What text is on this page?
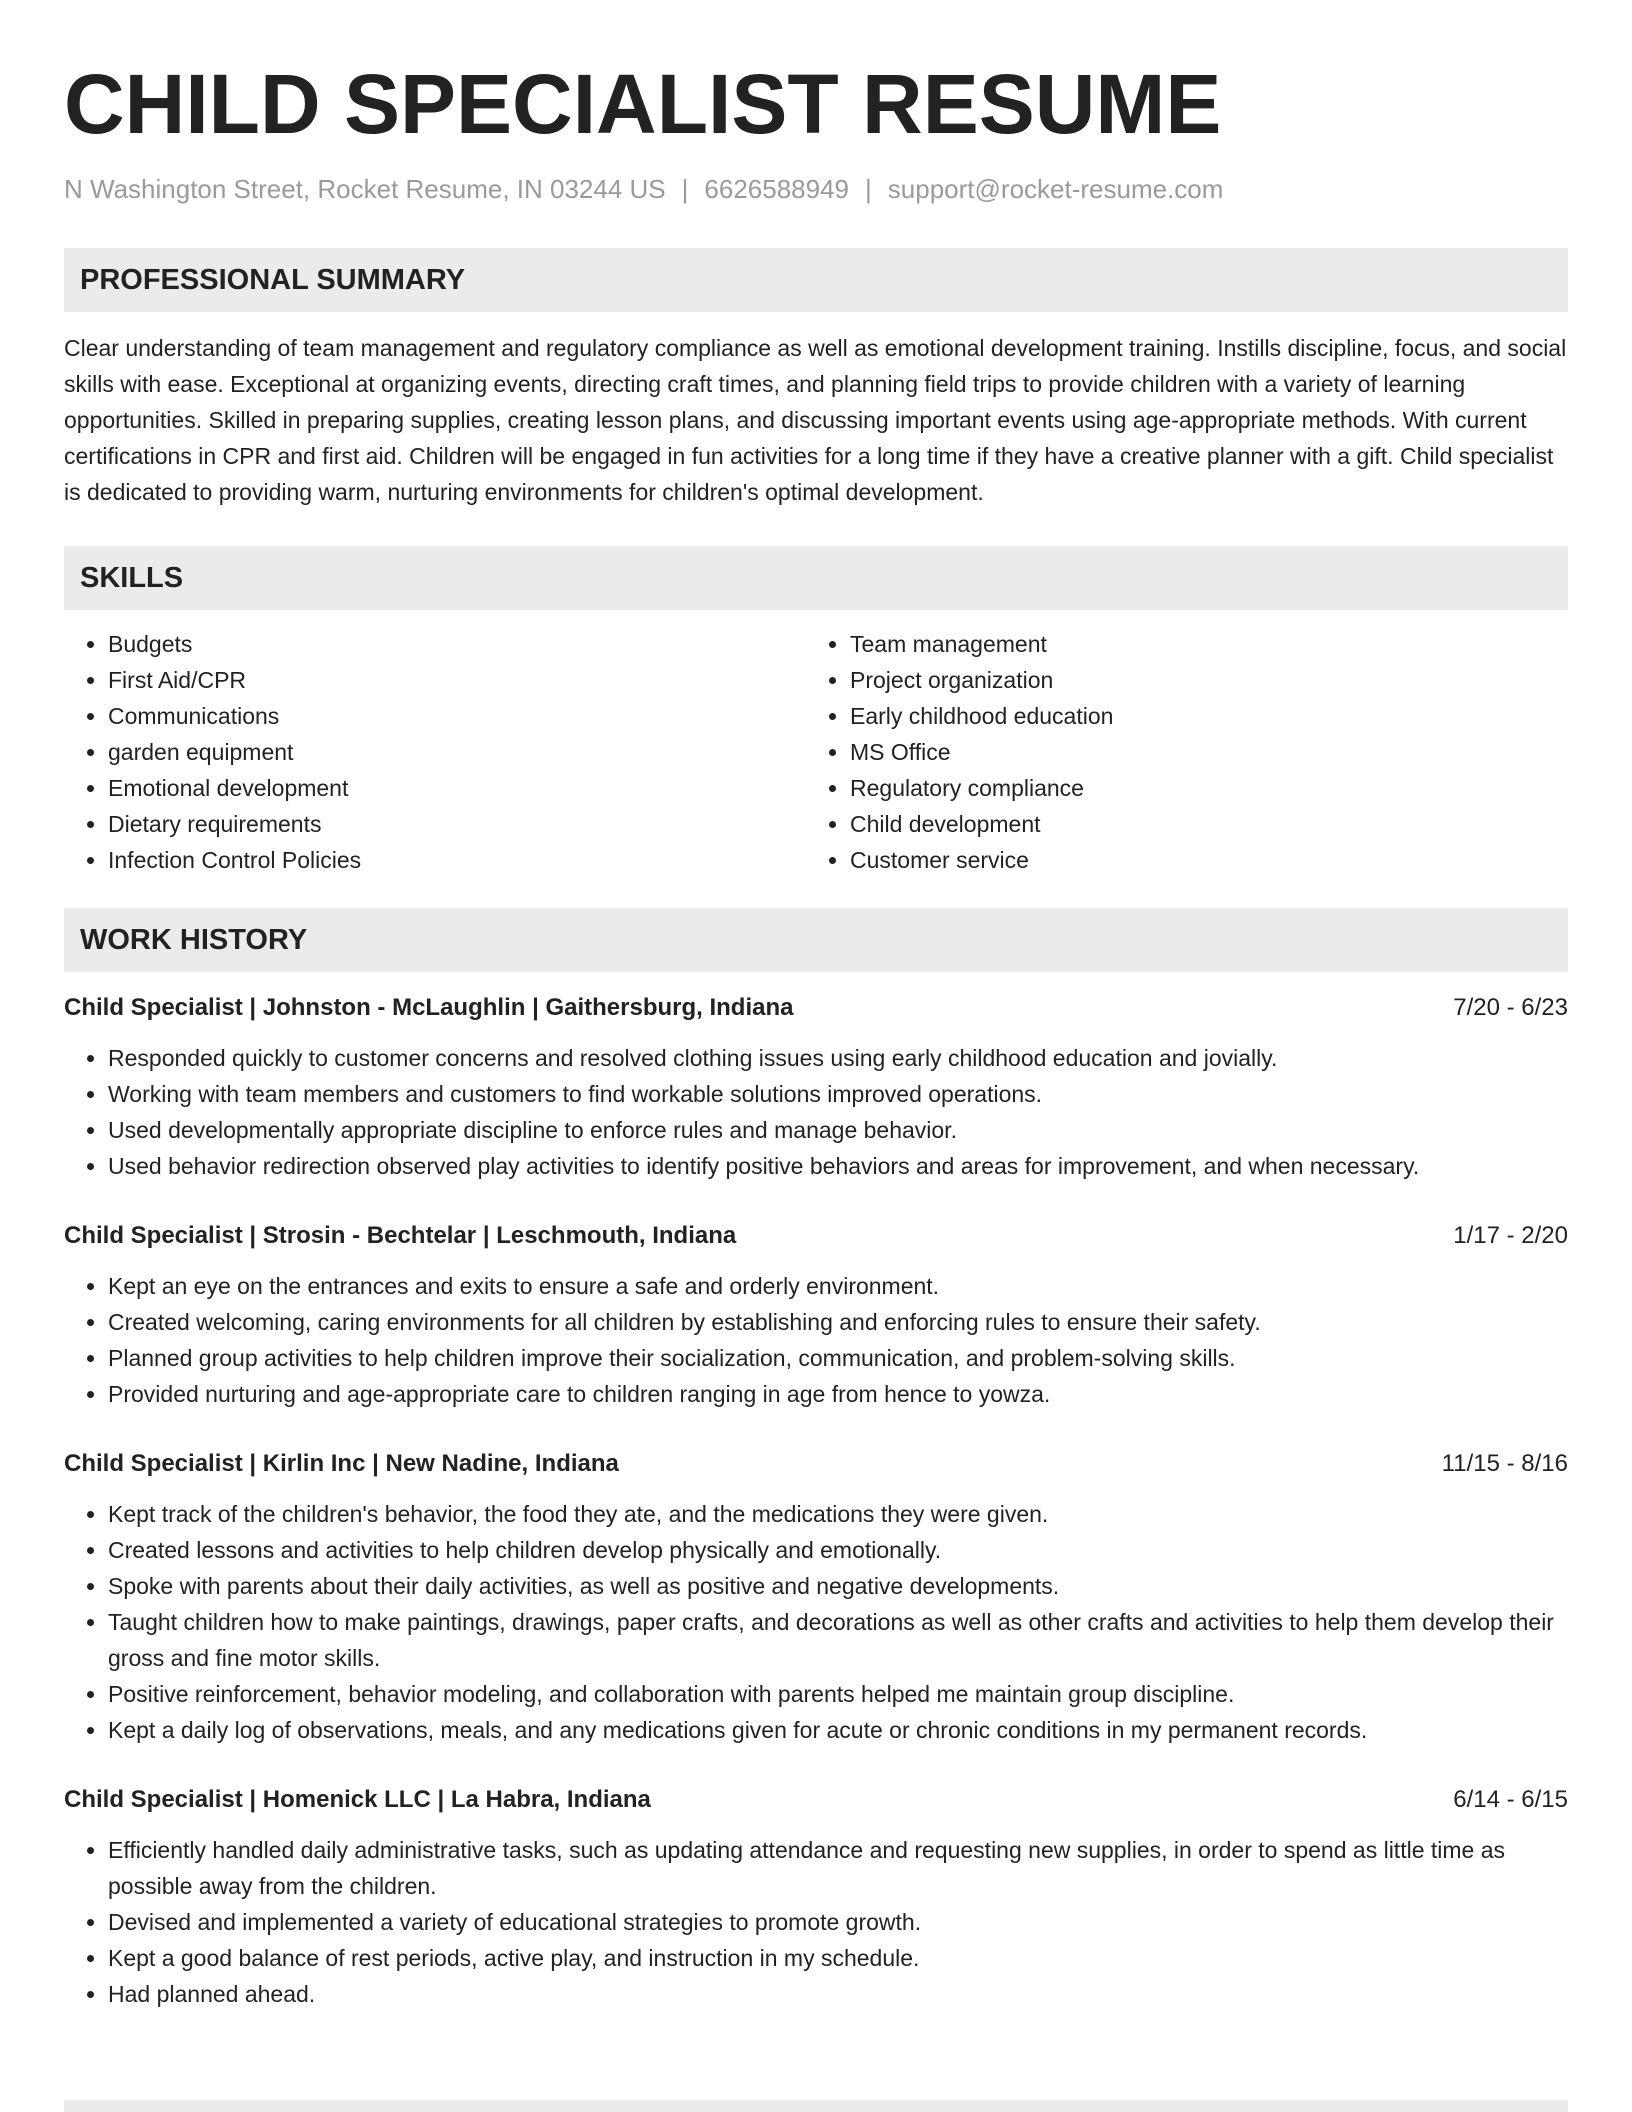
CHILD SPECIALIST RESUME
N Washington Street, Rocket Resume, IN 03244 US | 6626588949 | support@rocket-resume.com
PROFESSIONAL SUMMARY
Clear understanding of team management and regulatory compliance as well as emotional development training. Instills discipline, focus, and social skills with ease. Exceptional at organizing events, directing craft times, and planning field trips to provide children with a variety of learning opportunities. Skilled in preparing supplies, creating lesson plans, and discussing important events using age-appropriate methods. With current certifications in CPR and first aid. Children will be engaged in fun activities for a long time if they have a creative planner with a gift. Child specialist is dedicated to providing warm, nurturing environments for children's optimal development.
SKILLS
• Budgets
• First Aid/CPR
• Communications
• garden equipment
• Emotional development
• Dietary requirements
• Infection Control Policies
• Team management
• Project organization
• Early childhood education
• MS Office
• Regulatory compliance
• Child development
• Customer service
WORK HISTORY
Child Specialist | Johnston - McLaughlin | Gaithersburg, Indiana	7/20 - 6/23
• Responded quickly to customer concerns and resolved clothing issues using early childhood education and jovially.
• Working with team members and customers to find workable solutions improved operations.
• Used developmentally appropriate discipline to enforce rules and manage behavior.
• Used behavior redirection observed play activities to identify positive behaviors and areas for improvement, and when necessary.
Child Specialist | Strosin - Bechtelar | Leschmouth, Indiana	1/17 - 2/20
• Kept an eye on the entrances and exits to ensure a safe and orderly environment.
• Created welcoming, caring environments for all children by establishing and enforcing rules to ensure their safety.
• Planned group activities to help children improve their socialization, communication, and problem-solving skills.
• Provided nurturing and age-appropriate care to children ranging in age from hence to yowza.
Child Specialist | Kirlin Inc | New Nadine, Indiana	11/15 - 8/16
• Kept track of the children's behavior, the food they ate, and the medications they were given.
• Created lessons and activities to help children develop physically and emotionally.
• Spoke with parents about their daily activities, as well as positive and negative developments.
• Taught children how to make paintings, drawings, paper crafts, and decorations as well as other crafts and activities to help them develop their gross and fine motor skills.
• Positive reinforcement, behavior modeling, and collaboration with parents helped me maintain group discipline.
• Kept a daily log of observations, meals, and any medications given for acute or chronic conditions in my permanent records.
Child Specialist | Homenick LLC | La Habra, Indiana	6/14 - 6/15
• Efficiently handled daily administrative tasks, such as updating attendance and requesting new supplies, in order to spend as little time as possible away from the children.
• Devised and implemented a variety of educational strategies to promote growth.
• Kept a good balance of rest periods, active play, and instruction in my schedule.
• Had planned ahead.
